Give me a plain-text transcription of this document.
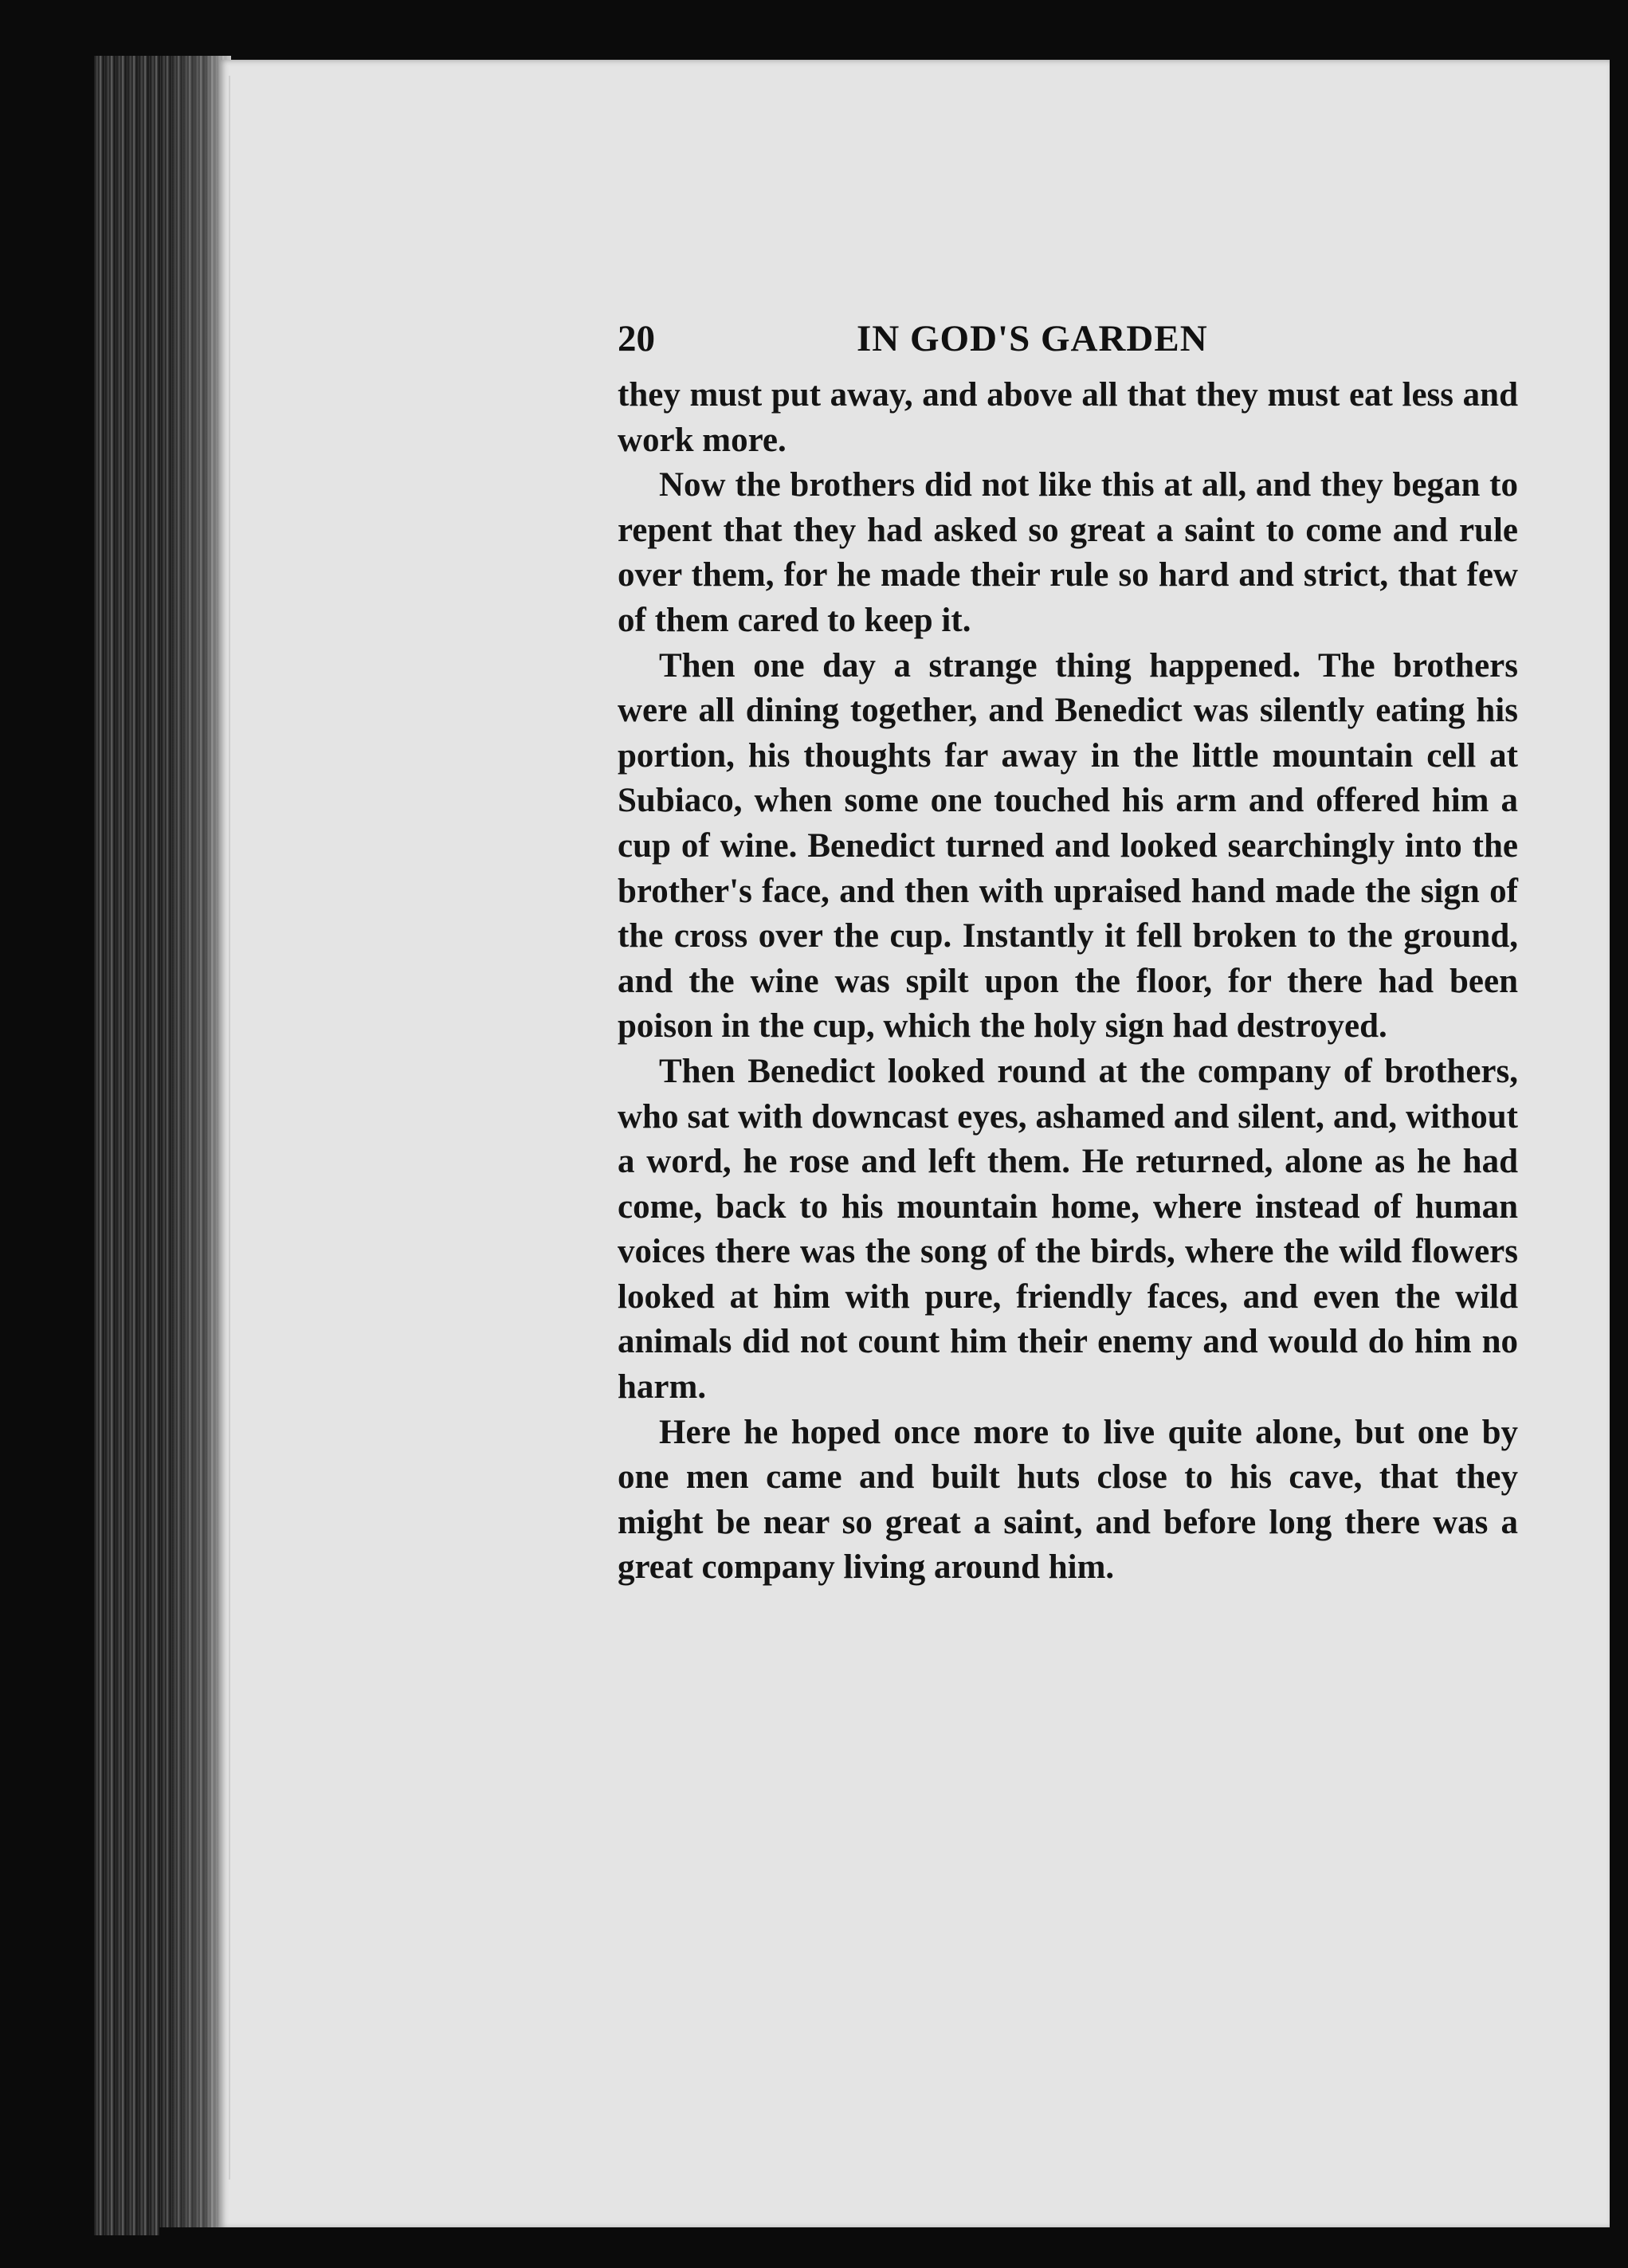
20	IN GOD'S GARDEN

they must put away, and above all that they must eat less and work more.

Now the brothers did not like this at all, and they began to repent that they had asked so great a saint to come and rule over them, for he made their rule so hard and strict, that few of them cared to keep it.

Then one day a strange thing happened. The brothers were all dining together, and Benedict was silently eating his portion, his thoughts far away in the little mountain cell at Subiaco, when some one touched his arm and offered him a cup of wine. Benedict turned and looked searchingly into the brother's face, and then with upraised hand made the sign of the cross over the cup. Instantly it fell broken to the ground, and the wine was spilt upon the floor, for there had been poison in the cup, which the holy sign had destroyed.

Then Benedict looked round at the company of brothers, who sat with downcast eyes, ashamed and silent, and, without a word, he rose and left them. He returned, alone as he had come, back to his mountain home, where instead of human voices there was the song of the birds, where the wild flowers looked at him with pure, friendly faces, and even the wild animals did not count him their enemy and would do him no harm.

Here he hoped once more to live quite alone, but one by one men came and built huts close to his cave, that they might be near so great a saint, and before long there was a great company living around him.
